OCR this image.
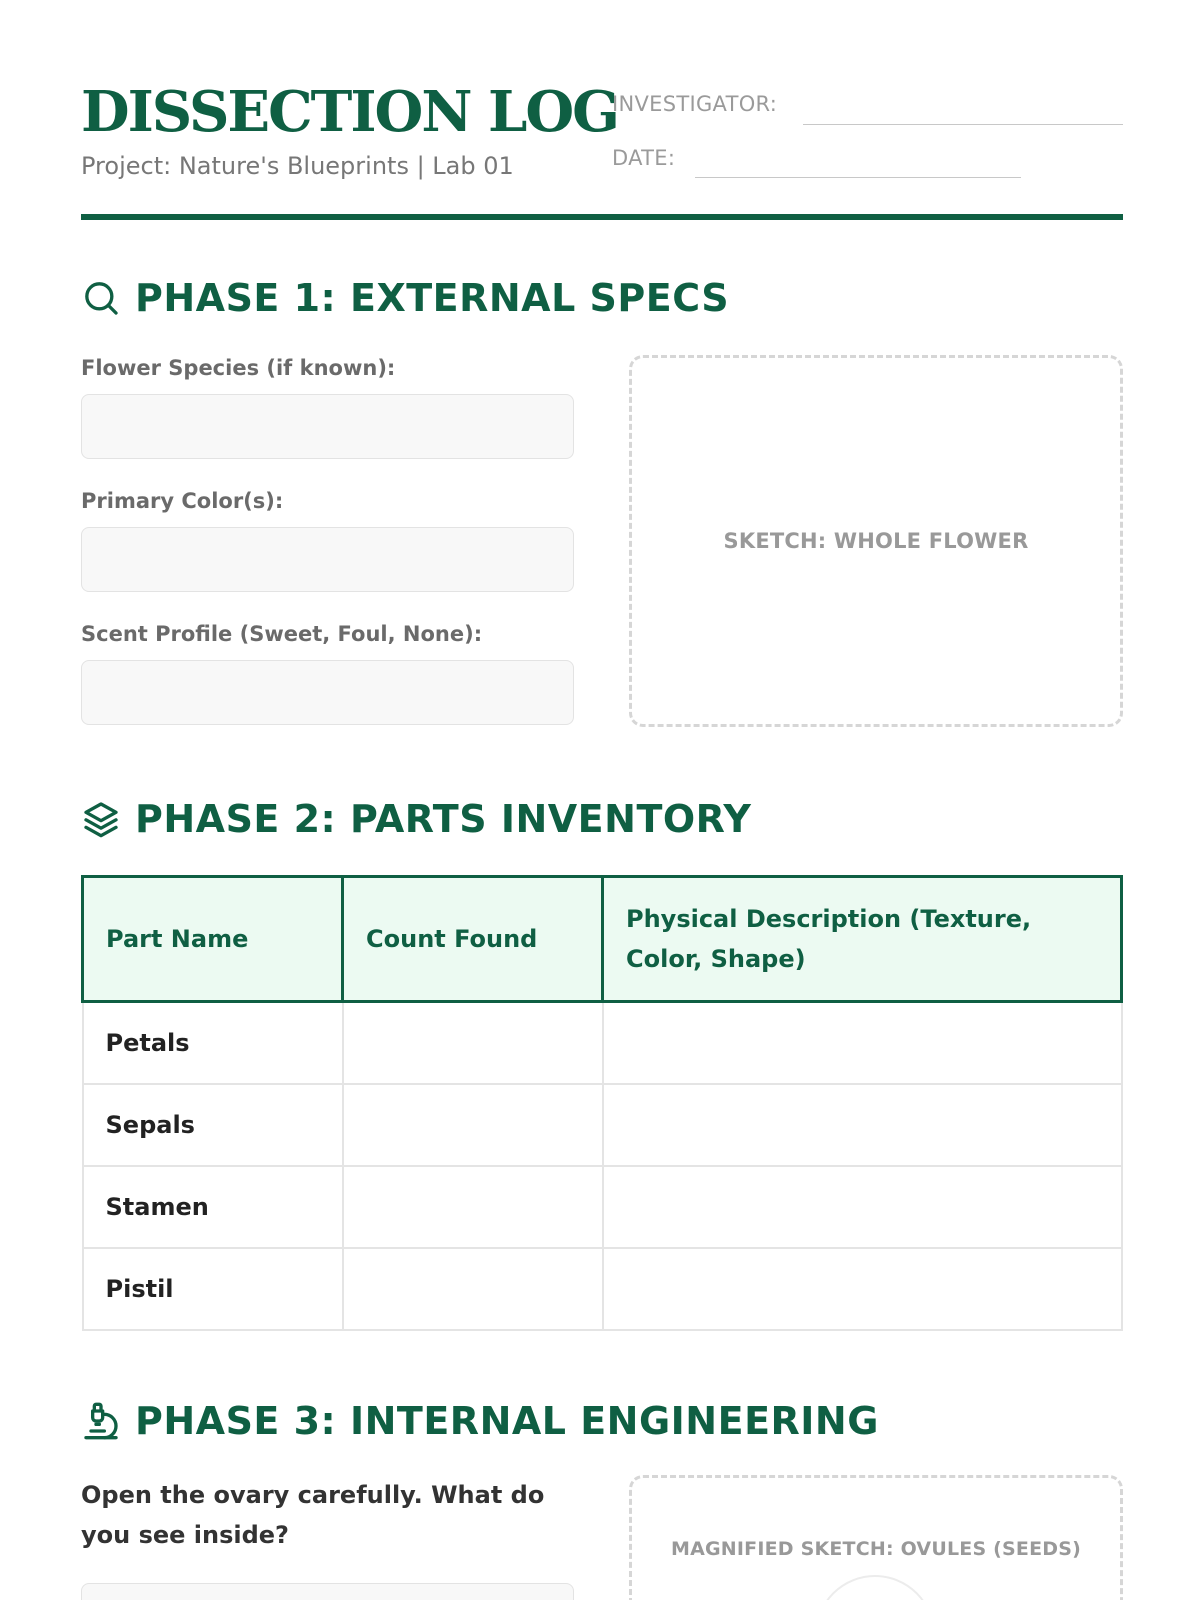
DISSECTION LOG
Project: Nature's Blueprints | Lab 01
INVESTIGATOR:
DATE:
PHASE 1: EXTERNAL SPECS
Flower Species (if known):
Primary Color(s):
Scent Profile (Sweet, Foul, None):
SKETCH: WHOLE FLOWER
PHASE 2: PARTS INVENTORY
Part Name	Count Found	Physical Description (Texture, Color, Shape)
Petals		
Sepals		
Stamen		
Pistil		
PHASE 3: INTERNAL ENGINEERING
Open the ovary carefully. What do you see inside?	MAGNIFIED SKETCH: OVULES (SEEDS)
